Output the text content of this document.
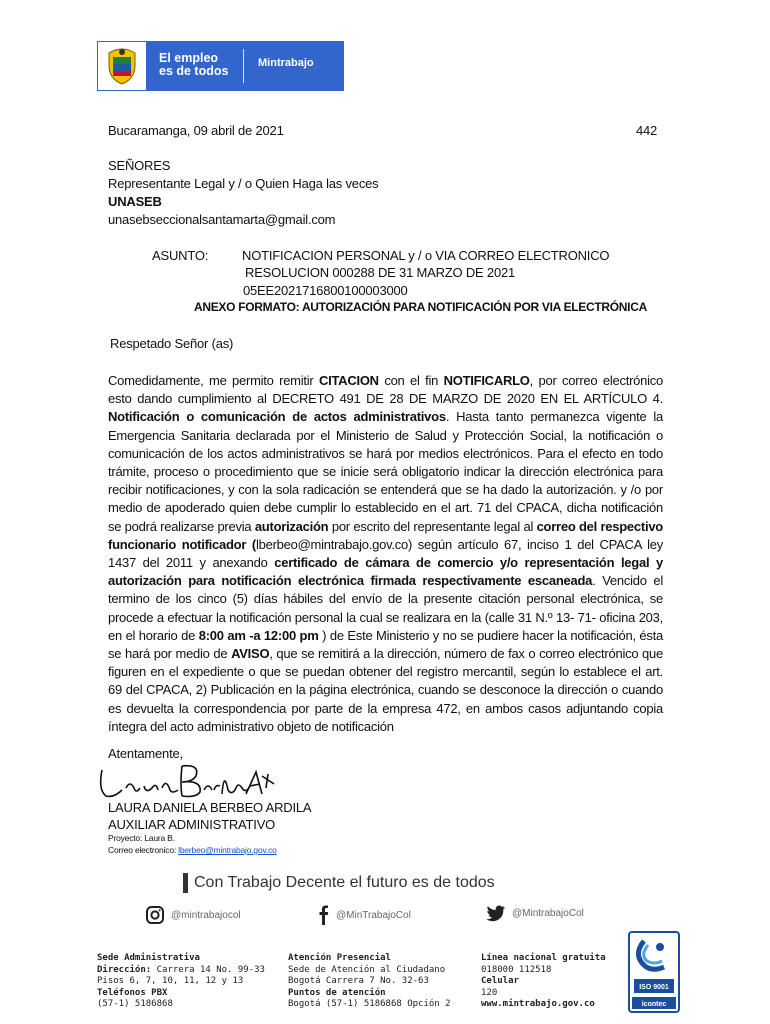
El empleo
es de todos
Mintrabajo
Bucaramanga, 09 abril de 2021	442
SEÑORES
Representante Legal y / o Quien Haga las veces
UNASEB
unasebseccionalsantamarta@gmail.com
ASUNTO:	NOTIFICACION PERSONAL y / o VIA CORREO ELECTRONICO
RESOLUCION 000288 DE 31 MARZO DE 2021
05EE2021716800100003000
ANEXO FORMATO: AUTORIZACIÓN PARA NOTIFICACIÓN POR VIA ELECTRÓNICA
Respetado Señor (as)
Comedidamente, me permito remitir CITACION con el fin NOTIFICARLO, por correo electrónico esto dando cumplimiento al DECRETO 491 DE 28 DE MARZO DE 2020 EN EL ARTÍCULO 4. Notificación o comunicación de actos administrativos. Hasta tanto permanezca vigente la Emergencia Sanitaria declarada por el Ministerio de Salud y Protección Social, la notificación o comunicación de los actos administrativos se hará por medios electrónicos. Para el efecto en todo trámite, proceso o procedimiento que se inicie será obligatorio indicar la dirección electrónica para recibir notificaciones, y con la sola radicación se entenderá que se ha dado la autorización. y /o por medio de apoderado quien debe cumplir lo establecido en el art. 71 del CPACA, dicha notificación se podrá realizarse previa autorización por escrito del representante legal al correo del respectivo funcionario notificador (lberbeo@mintrabajo.gov.co) según artículo 67, inciso 1 del CPACA ley 1437 del 2011 y anexando certificado de cámara de comercio y/o representación legal y autorización para notificación electrónica firmada respectivamente escaneada. Vencido el termino de los cinco (5) días hábiles del envío de la presente citación personal electrónica, se procede a efectuar la notificación personal la cual se realizara en la (calle 31 N.º 13- 71- oficina 203, en el horario de 8:00 am -a 12:00 pm ) de Este Ministerio y no se pudiere hacer la notificación, ésta se hará por medio de AVISO, que se remitirá a la dirección, número de fax o correo electrónico que figuren en el expediente o que se puedan obtener del registro mercantil, según lo establece el art. 69 del CPACA, 2) Publicación en la página electrónica, cuando se desconoce la dirección o cuando es devuelta la correspondencia por parte de la empresa 472, en ambos casos adjuntando copia íntegra del acto administrativo objeto de notificación
Atentamente,
LAURA DANIELA BERBEO ARDILA
AUXILIAR ADMINISTRATIVO
Proyecto: Laura B.
Correo electronico: lberbeo@mintrabajo.gov.co
Con Trabajo Decente el futuro es de todos
@mintrabajocol	@MinTrabajoCol	@MintrabajoCol
Sede Administrativa
Dirección: Carrera 14 No. 99-33
Pisos 6, 7, 10, 11, 12 y 13
Teléfonos PBX
(57-1) 5186868
Atención Presencial
Sede de Atención al Ciudadano
Bogotá Carrera 7 No. 32-63
Puntos de atención
Bogotá (57-1) 5186868 Opción 2
Línea nacional gratuita
018000 112518
Celular
120
www.mintrabajo.gov.co
ISO 9001
icontec
